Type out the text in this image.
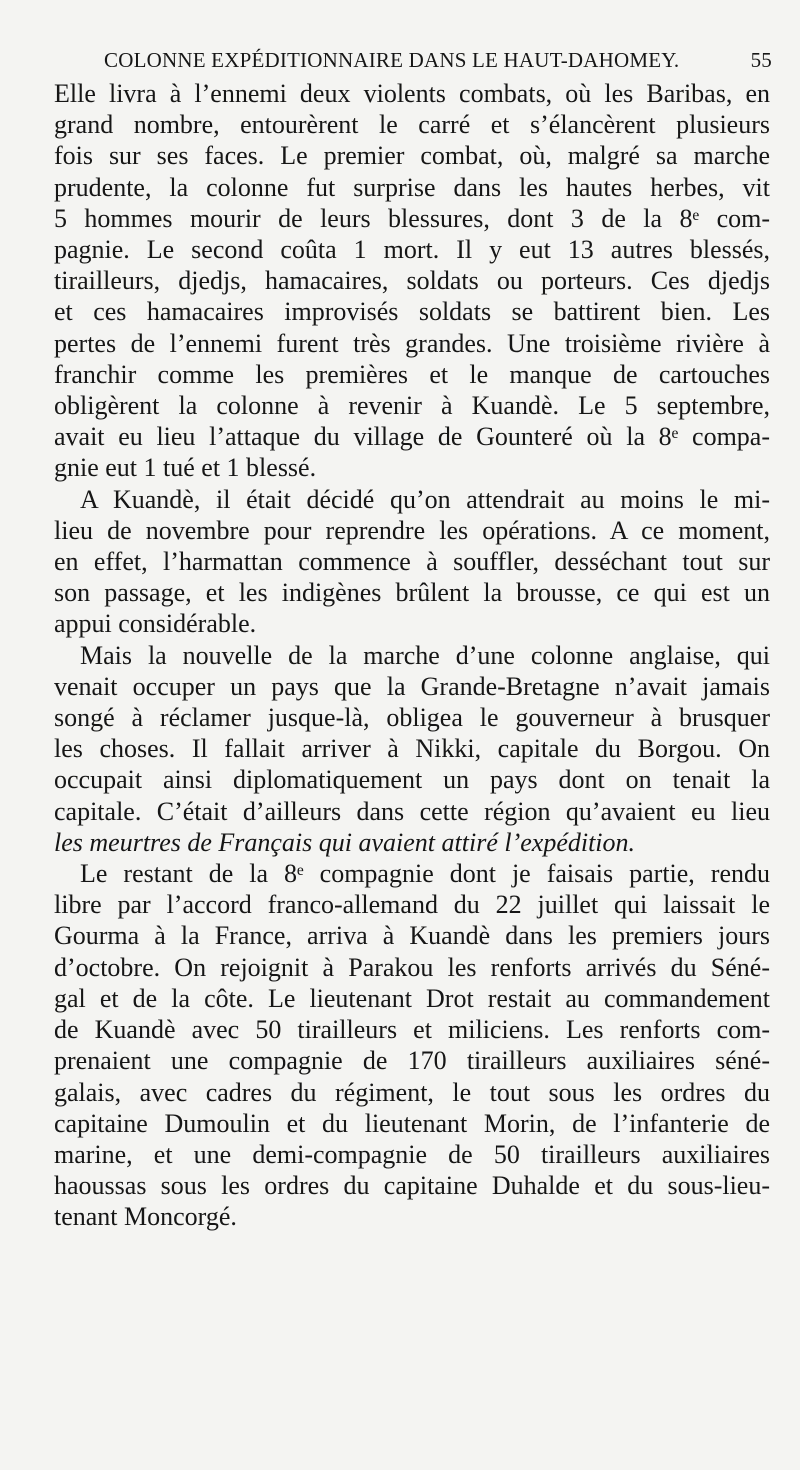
COLONNE EXPÉDITIONNAIRE DANS LE HAUT-DAHOMEY.	55

Elle livra à l’ennemi deux violents combats, où les Baribas, en
grand nombre, entourèrent le carré et s’élancèrent plusieurs
fois sur ses faces. Le premier combat, où, malgré sa marche
prudente, la colonne fut surprise dans les hautes herbes, vit
5 hommes mourir de leurs blessures, dont 3 de la 8ᵉ com-
pagnie. Le second coûta 1 mort. Il y eut 13 autres blessés,
tirailleurs, djedjs, hamacaires, soldats ou porteurs. Ces djedjs
et ces hamacaires improvisés soldats se battirent bien. Les
pertes de l’ennemi furent très grandes. Une troisième rivière à
franchir comme les premières et le manque de cartouches
obligèrent la colonne à revenir à Kuandè. Le 5 septembre,
avait eu lieu l’attaque du village de Gounteré où la 8ᵉ compa-
gnie eut 1 tué et 1 blessé.

A Kuandè, il était décidé qu’on attendrait au moins le mi-
lieu de novembre pour reprendre les opérations. A ce moment,
en effet, l’harmattan commence à souffler, desséchant tout sur
son passage, et les indigènes brûlent la brousse, ce qui est un
appui considérable.

Mais la nouvelle de la marche d’une colonne anglaise, qui
venait occuper un pays que la Grande-Bretagne n’avait jamais
songé à réclamer jusque-là, obligea le gouverneur à brusquer
les choses. Il fallait arriver à Nikki, capitale du Borgou. On
occupait ainsi diplomatiquement un pays dont on tenait la
capitale. C’était d’ailleurs dans cette région qu’avaient eu lieu
les meurtres de Français qui avaient attiré l’expédition.

Le restant de la 8ᵉ compagnie dont je faisais partie, rendu
libre par l’accord franco-allemand du 22 juillet qui laissait le
Gourma à la France, arriva à Kuandè dans les premiers jours
d’octobre. On rejoignit à Parakou les renforts arrivés du Séné-
gal et de la côte. Le lieutenant Drot restait au commandement
de Kuandè avec 50 tirailleurs et miliciens. Les renforts com-
prenaient une compagnie de 170 tirailleurs auxiliaires séné-
galais, avec cadres du régiment, le tout sous les ordres du
capitaine Dumoulin et du lieutenant Morin, de l’infanterie de
marine, et une demi-compagnie de 50 tirailleurs auxiliaires
haoussas sous les ordres du capitaine Duhalde et du sous-lieu-
tenant Moncorgé.
